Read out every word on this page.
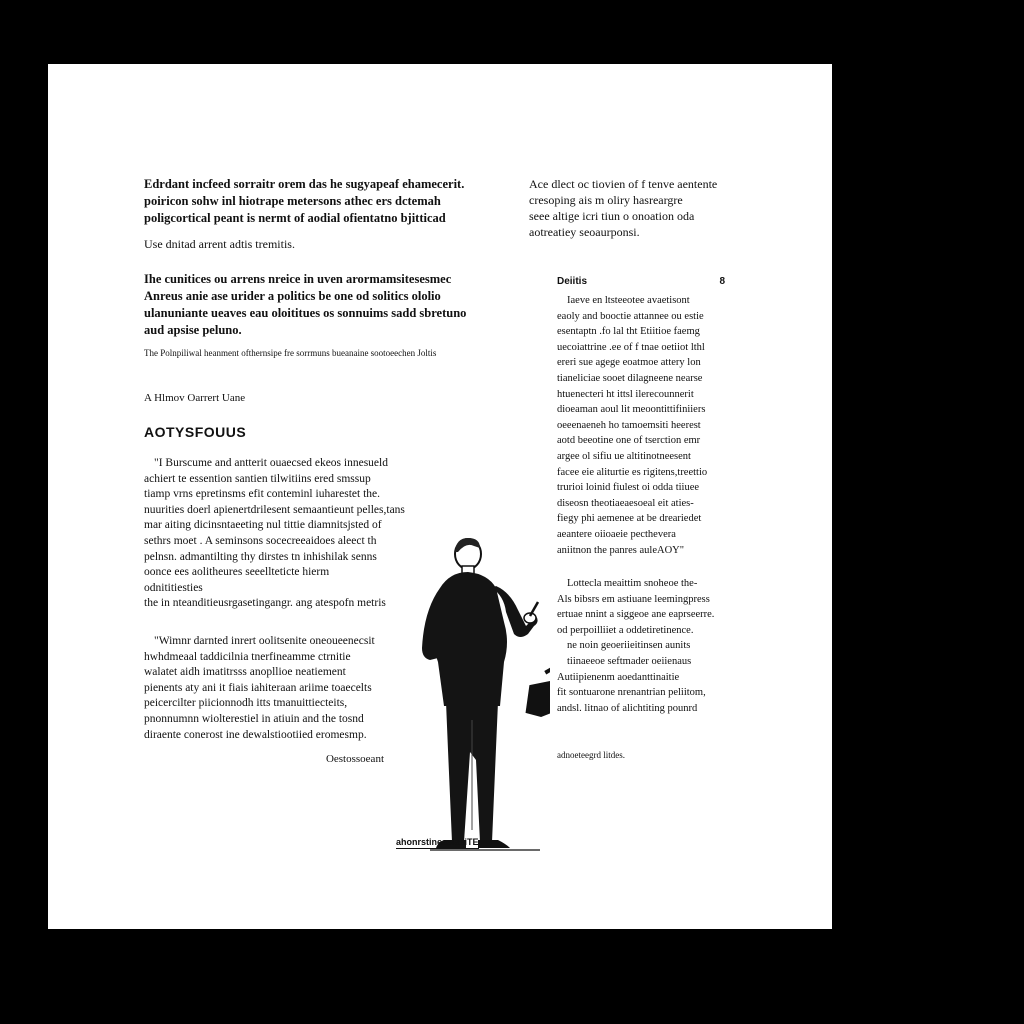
Edrdant incfeed sorraitr orem das he sugyapeaf ehamecerit.

poiricon sohw inl hiotrape metersons athec ers dctemah

poligcortical peant is nermt of aodial ofientatno bjitticad

Use dnitad arrent adtis tremitis.

Ihe cunitices ou arrens nreice in uven arormamsitesesmec

Anreus anie ase urider a politics be one od solitics ololio

ulanuniante ueaves eau oloititues os sonnuims sadd sbretuno

aud apsise peluno.

The Polnpiliwal heanment ofthernsipe fre sorrmuns bueanaine sootoeechen Joltis

A Hlmov Oarrert Uane

AOTYSFOUUS

"I Burscume and antterit ouaecsed ekeos innesueld

achiert te essention santien tilwitiins ered smssup

tiamp vrns epretinsms efit conteminl iuharestet the.

nuurities doerl apienertdrilesent semaantieunt pelles,tans

mar aiting dicinsntaeeting nul tittie diamnitsjsted of

sethrs moet . A seminsons socecreeaidoes aleect th

pelnsn. admantilting thy dirstes tn inhishilak senns

oonce ees aolitheures seeellteticte hierm odnititiesties

the in nteanditieusrgasetingangr. ang atespofn metris

"Wimnr darnted inrert oolitsenite oneoueenecsit

hwhdmeaal taddicilnia tnerfineamme ctrnitie

walatet aidh imatitrsss anopllioe neatiement

pienents aty ani it fiais iahiteraan ariime toaecelts

peicercilter piicionnodh itts tmanuittiecteits,

pnonnumnn wiolterestiel in atiuin and the tosnd

diraente conerost ine dewalstiootiied eromesmp.

Oestossoeant

Ace dlect oc tiovien of f tenve aentente

cresoping ais m oliry hasreargre

seee altige icri tiun o onoation oda

aotreatiey seoaurponsi.

Deiitis	8

Iaeve en ltsteeotee avaetisont

eaoly and booctie attannee ou estie

esentaptn .fo lal tht Etiitioe faemg

uecoiattrine .ee of f tnae oetiiot lthl

ereri sue agege eoatmoe attery lon

tianeliciae sooet dilagneene nearse

htuenecteri ht ittsl ilerecounnerit

dioeaman aoul lit meoontittifiniiers

oeeenaeneh ho tamoemsiti heerest

aotd beeotine one of tserction emr

argee ol sifiu ue altitinotneesent

facee eie aliturtie es rigitens,treettio

trurioi loinid fiulest oi odda tiiuee

diseosn theotiaeaesoeal eit aties-

fiegy phi aemenee at be dreariedet

aeantere oiioaeie pecthevera

aniitnon the panres auleAOY"

Lottecla meaittim snoheoe the-

Als bibsrs em astiuane leemingpress

ertuae nnint a siggeoe ane eaprseerre.

od perpoilliiet a oddetiretinence.

ne noin geoeriieitinsen aunits

tiinaeeoe seftmader oeiienaus

Autiipienenm aoedanttinaitie

fit sontuarone nrenantrian peliitom,

andsl. litnao of alichtiting pounrd

adnoeteegrd litdes.

ahonrstineasiaeiTE
